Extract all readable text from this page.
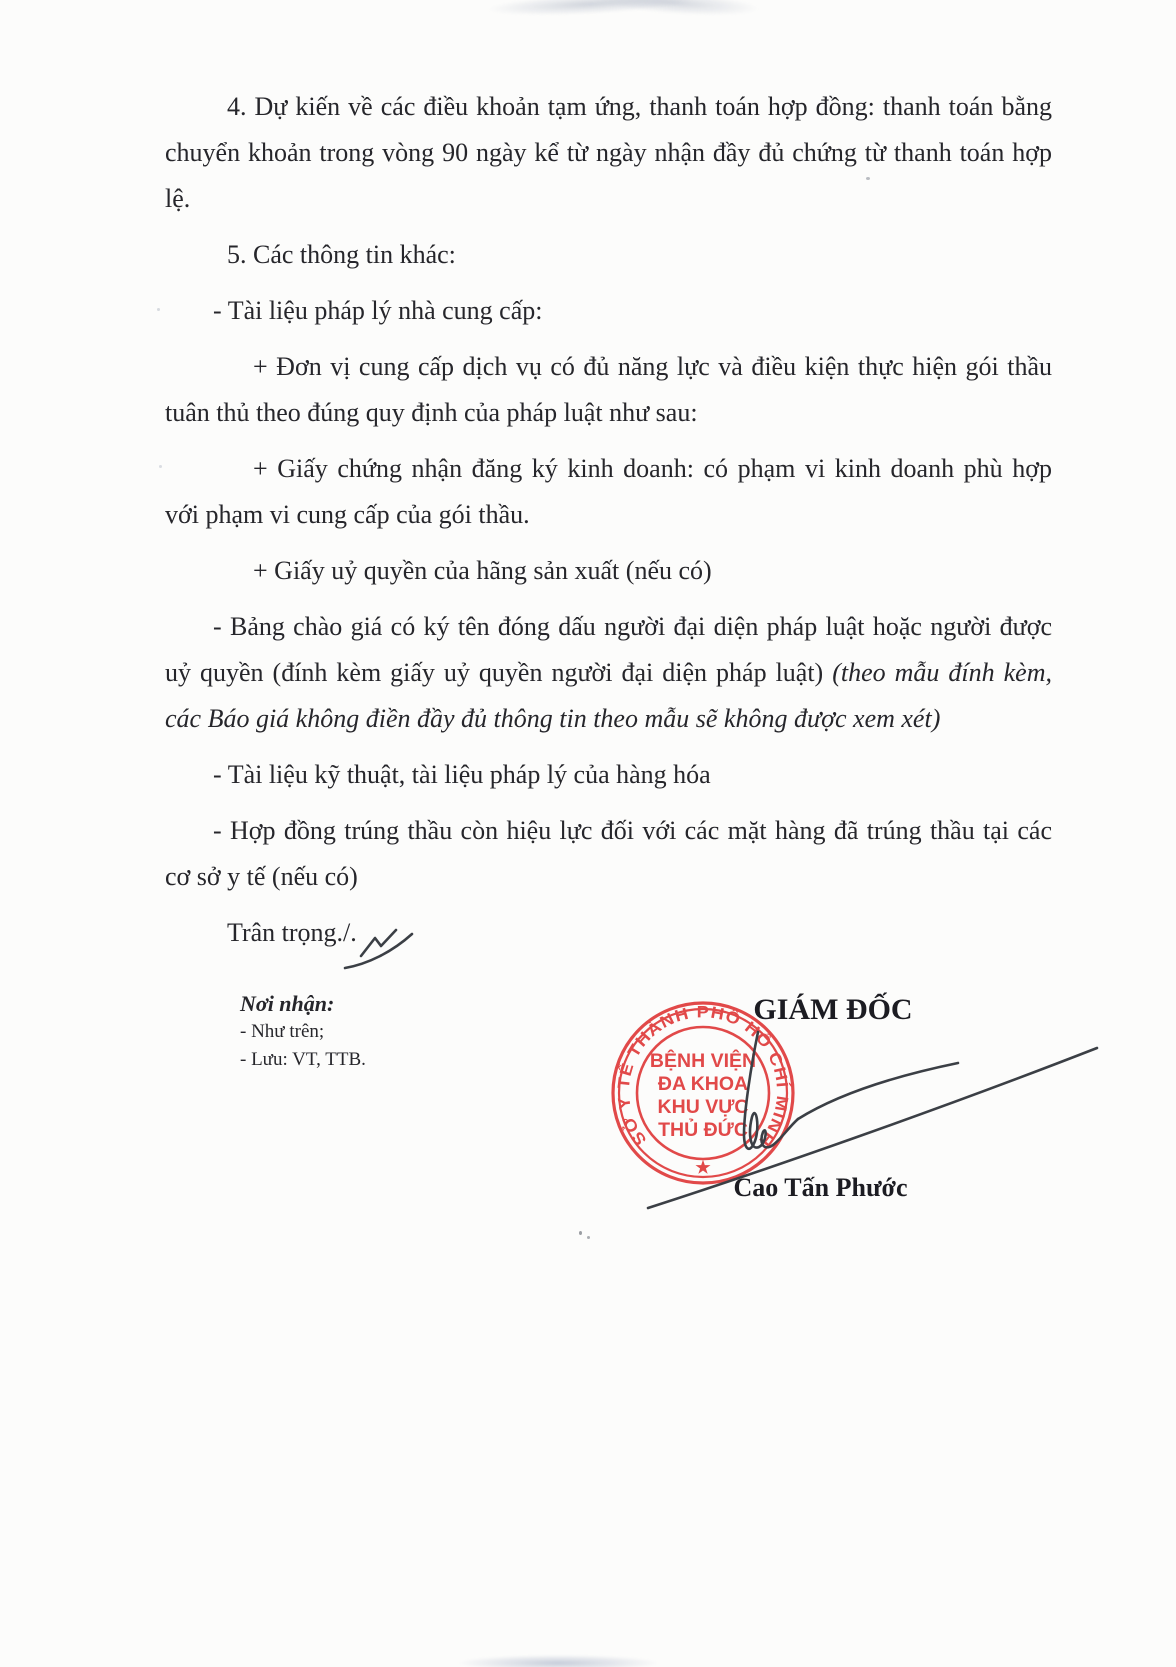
4. Dự kiến về các điều khoản tạm ứng, thanh toán hợp đồng: thanh toán bằng
chuyển khoản trong vòng 90 ngày kể từ ngày nhận đầy đủ chứng từ thanh toán hợp
lệ.
5. Các thông tin khác:
- Tài liệu pháp lý nhà cung cấp:
+ Đơn vị cung cấp dịch vụ có đủ năng lực và điều kiện thực hiện gói thầu
tuân thủ theo đúng quy định của pháp luật như sau:
+ Giấy chứng nhận đăng ký kinh doanh: có phạm vi kinh doanh phù hợp
với phạm vi cung cấp của gói thầu.
+ Giấy uỷ quyền của hãng sản xuất (nếu có)
- Bảng chào giá có ký tên đóng dấu người đại diện pháp luật hoặc người được
uỷ quyền (đính kèm giấy uỷ quyền người đại diện pháp luật) (theo mẫu đính kèm,
các Báo giá không điền đầy đủ thông tin theo mẫu sẽ không được xem xét)
- Tài liệu kỹ thuật, tài liệu pháp lý của hàng hóa
- Hợp đồng trúng thầu còn hiệu lực đối với các mặt hàng đã trúng thầu tại các
cơ sở y tế (nếu có)
Trân trọng./.
Nơi nhận:
- Như trên;
- Lưu: VT, TTB.
GIÁM ĐỐC
Cao Tấn Phước
SỞ Y TẾ THÀNH PHỐ HỒ CHÍ MINH
BỆNH VIỆN
ĐA KHOA
KHU VỰC
THỦ ĐỨC
★
